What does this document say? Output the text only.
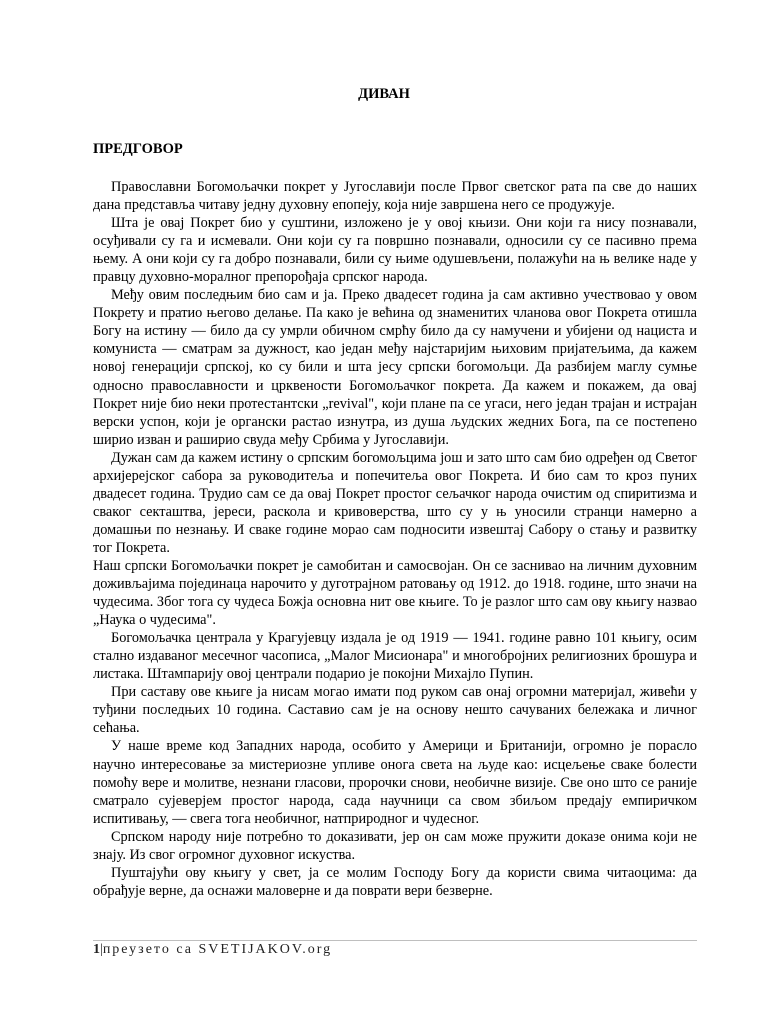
ДИВАН
ПРЕДГОВОР

Православни Богомољачки покрет у Југославији после Првог светског рата па све до наших дана представља читаву једну духовну епопеју, која није завршена него се продужује.

Шта је овај Покрет био у суштини, изложено је у овој књизи. Они који га нису познавали, осуђивали су га и исмевали. Они који су га површно познавали, односили су се пасивно према њему. А они који су га добро познавали, били су њиме одушевљени, полажући на њ велике наде у правцу духовно-моралног препорођаја српског народа.

Међу овим последњим био сам и ја. Преко двадесет година ја сам активно учествовао у овом Покрету и пратио његово делање. Па како је већина од знаменитих чланова овог Покрета отишла Богу на истину — било да су умрли обичном смрћу било да су намучени и убијени од нациста и комуниста — сматрам за дужност, као један међу најстаријим њиховим пријатељима, да кажем новој генерацији српској, ко су били и шта јесу српски богомољци. Да разбијем маглу сумње односно православности и црквености Богомољачког покрета. Да кажем и покажем, да овај Покрет није био неки протестантски „revival", који плане па се угаси, него један трајан и истрајан верски успон, који је органски растао изнутра, из душа људских жедних Бога, па се постепено ширио изван и раширио свуда међу Србима у Југославији.

Дужан сам да кажем истину о српским богомољцима још и зато што сам био одређен од Светог архијерејског сабора за руководитеља и попечитеља овог Покрета. И био сам то кроз пуних двадесет година. Трудио сам се да овај Покрет простог сељачког народа очистим од спиритизма и сваког секташтва, јереси, раскола и кривоверства, што су у њ уносили странци намерно а домашњи по незнању. И сваке године морао сам подносити извештај Сабору о стању и развитку тог Покрета.

Наш српски Богомољачки покрет је самобитан и самосвојан. Он се заснивао на личним духовним доживљајима појединаца нарочито у дуготрајном ратовању од 1912. до 1918. године, што значи на чудесима. Због тога су чудеса Божја основна нит ове књиге. То је разлог што сам ову књигу назвао „Наука о чудесима".

Богомољачка централа у Крагујевцу издала је од 1919 — 1941. године равно 101 књигу, осим стално издаваног месечног часописа, „Малог Мисионара" и многобројних религиозних брошура и листака. Штампарију овој централи подарио је покојни Михајло Пупин.

При саставу ове књиге ја нисам могао имати под руком сав онај огромни материјал, живећи у туђини последњих 10 година. Саставио сам је на основу нешто сачуваних бележака и личног сећања.

У наше време код Западних народа, особито у Америци и Британији, огромно је порасло научно интересовање за мистериозне упливе онога света на људе као: исцељење сваке болести помоћу вере и молитве, незнани гласови, пророчки снови, необичне визије. Све оно што се раније сматрало сујеверјем простог народа, сада научници са свом збиљом предају емпиричком испитивању, — свега тога необичног, натприродног и чудесног.

Српском народу није потребно то доказивати, јер он сам може пружити доказе онима који не знају. Из свог огромног духовног искуства.

Пуштајући ову књигу у свет, ја се молим Господу Богу да користи свима читаоцима: да обрађује верне, да оснажи маловерне и да поврати вери безверне.

1|преузето са SVETIJAKOV.org
